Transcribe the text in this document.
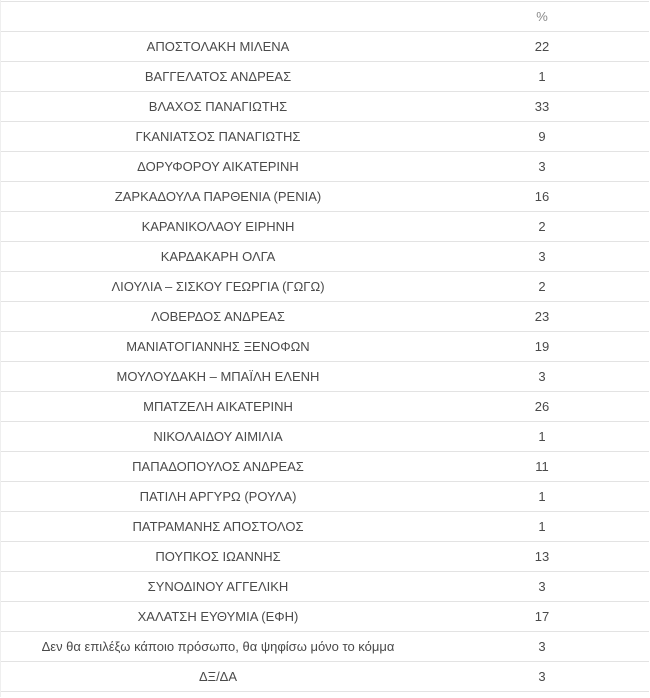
	%
ΑΠΟΣΤΟΛΑΚΗ ΜΙΛΕΝΑ	22
ΒΑΓΓΕΛΑΤΟΣ ΑΝΔΡΕΑΣ	1
ΒΛΑΧΟΣ ΠΑΝΑΓΙΩΤΗΣ	33
ΓΚΑΝΙΑΤΣΟΣ ΠΑΝΑΓΙΩΤΗΣ	9
ΔΟΡΥΦΟΡΟΥ ΑΙΚΑΤΕΡΙΝΗ	3
ΖΑΡΚΑΔΟΥΛΑ ΠΑΡΘΕΝΙΑ (ΡΕΝΙΑ)	16
ΚΑΡΑΝΙΚΟΛΑΟΥ ΕΙΡΗΝΗ	2
ΚΑΡΔΑΚΑΡΗ ΟΛΓΑ	3
ΛΙΟΥΛΙΑ – ΣΙΣΚΟΥ ΓΕΩΡΓΙΑ (ΓΩΓΩ)	2
ΛΟΒΕΡΔΟΣ ΑΝΔΡΕΑΣ	23
ΜΑΝΙΑΤΟΓΙΑΝΝΗΣ ΞΕΝΟΦΩΝ	19
ΜΟΥΛΟΥΔΑΚΗ – ΜΠΑΪΛΗ ΕΛΕΝΗ	3
ΜΠΑΤΖΕΛΗ ΑΙΚΑΤΕΡΙΝΗ	26
ΝΙΚΟΛΑΙΔΟΥ ΑΙΜΙΛΙΑ	1
ΠΑΠΑΔΟΠΟΥΛΟΣ ΑΝΔΡΕΑΣ	11
ΠΑΤΙΛΗ ΑΡΓΥΡΩ (ΡΟΥΛΑ)	1
ΠΑΤΡΑΜΑΝΗΣ ΑΠΟΣΤΟΛΟΣ	1
ΠΟΥΠΚΟΣ ΙΩΑΝΝΗΣ	13
ΣΥΝΟΔΙΝΟΥ ΑΓΓΕΛΙΚΗ	3
ΧΑΛΑΤΣΗ ΕΥΘΥΜΙΑ (ΕΦΗ)	17
Δεν θα επιλέξω κάποιο πρόσωπο, θα ψηφίσω μόνο το κόμμα	3
ΔΞ/ΔΑ	3
